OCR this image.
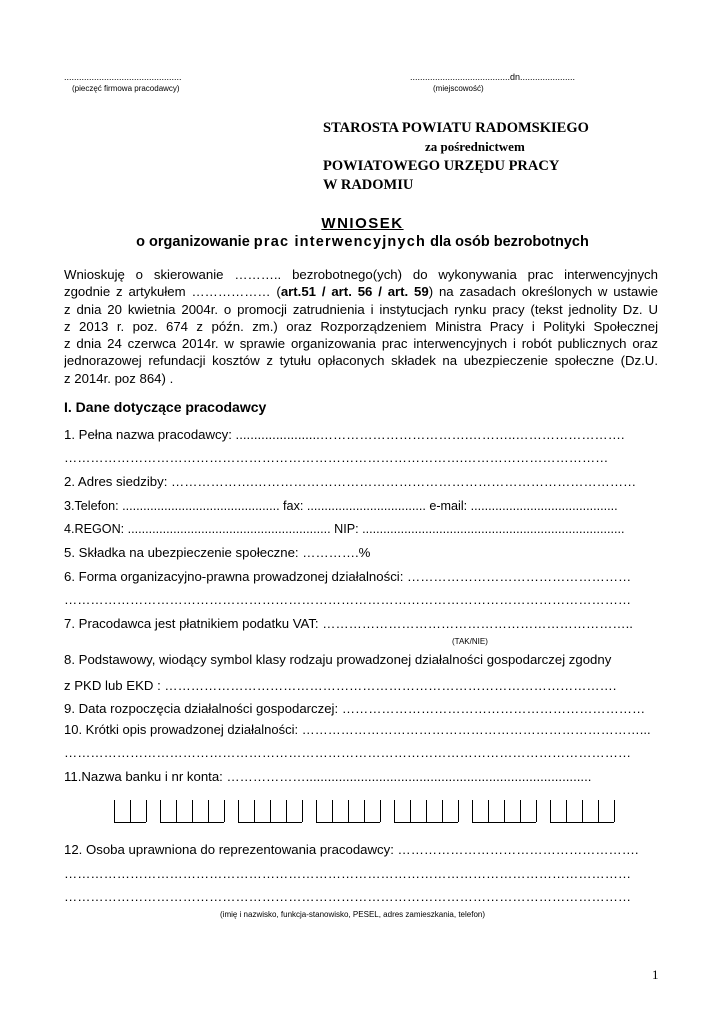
...............................................
(pieczęć firmowa pracodawcy)
........................................dn......................
(miejscowość)
STAROSTA POWIATU RADOMSKIEGO
za pośrednictwem
POWIATOWEGO URZĘDU PRACY
W RADOMIU
WNIOSEK
o organizowanie prac interwencyjnych dla osób bezrobotnych
Wnioskuję o skierowanie ……….. bezrobotnego(ych) do wykonywania prac interwencyjnych
zgodnie z artykułem ……………… (art.51 / art. 56 / art. 59) na zasadach określonych w ustawie
z dnia 20 kwietnia 2004r. o promocji zatrudnienia i instytucjach rynku pracy (tekst jednolity Dz. U
z 2013 r. poz. 674 z późn. zm.) oraz Rozporządzeniem Ministra Pracy i Polityki Społecznej
z dnia 24 czerwca 2014r. w sprawie organizowania prac interwencyjnych i robót publicznych oraz
jednorazowej refundacji kosztów z tytułu opłaconych składek na ubezpieczenie społeczne (Dz.U.
z 2014r. poz 864) .
I. Dane dotyczące pracodawcy
1. Pełna nazwa pracodawcy: .......................…………………………….………..…………………….
……………………………………………………………………………….……………………………
2. Adres siedziby: ……………….……………………………………………………………………………
3.Telefon: ............................................. fax: .................................. e-mail: ..........................................
4.REGON: .......................................................... NIP: ...........................................................................
5. Składka na ubezpieczenie społeczne: ………….%
6. Forma organizacyjno-prawna prowadzonej działalności: ……………………………………………
…………………………………………………………………………………………………………………
7. Pracodawca jest płatnikiem podatku VAT: ……………………………………………………………..
(TAK/NIE)
8. Podstawowy, wiodący symbol klasy rodzaju prowadzonej działalności gospodarczej zgodny
z PKD lub EKD : ………………………………………………………………………………………….
9. Data rozpoczęcia działalności gospodarczej: ……………………………………………………………
10. Krótki opis prowadzonej działalności: ……………………………………………………………………...
…………………………………………………………………………………………………………………
11.Nazwa banku i nr konta: ………………..............................................................................
12. Osoba uprawniona do reprezentowania pracodawcy: ……………………………………………….
…………………………………………………………………………………………………………………
…………………………………………………………………………………………………………………
(imię i nazwisko, funkcja-stanowisko, PESEL, adres zamieszkania, telefon)
1
